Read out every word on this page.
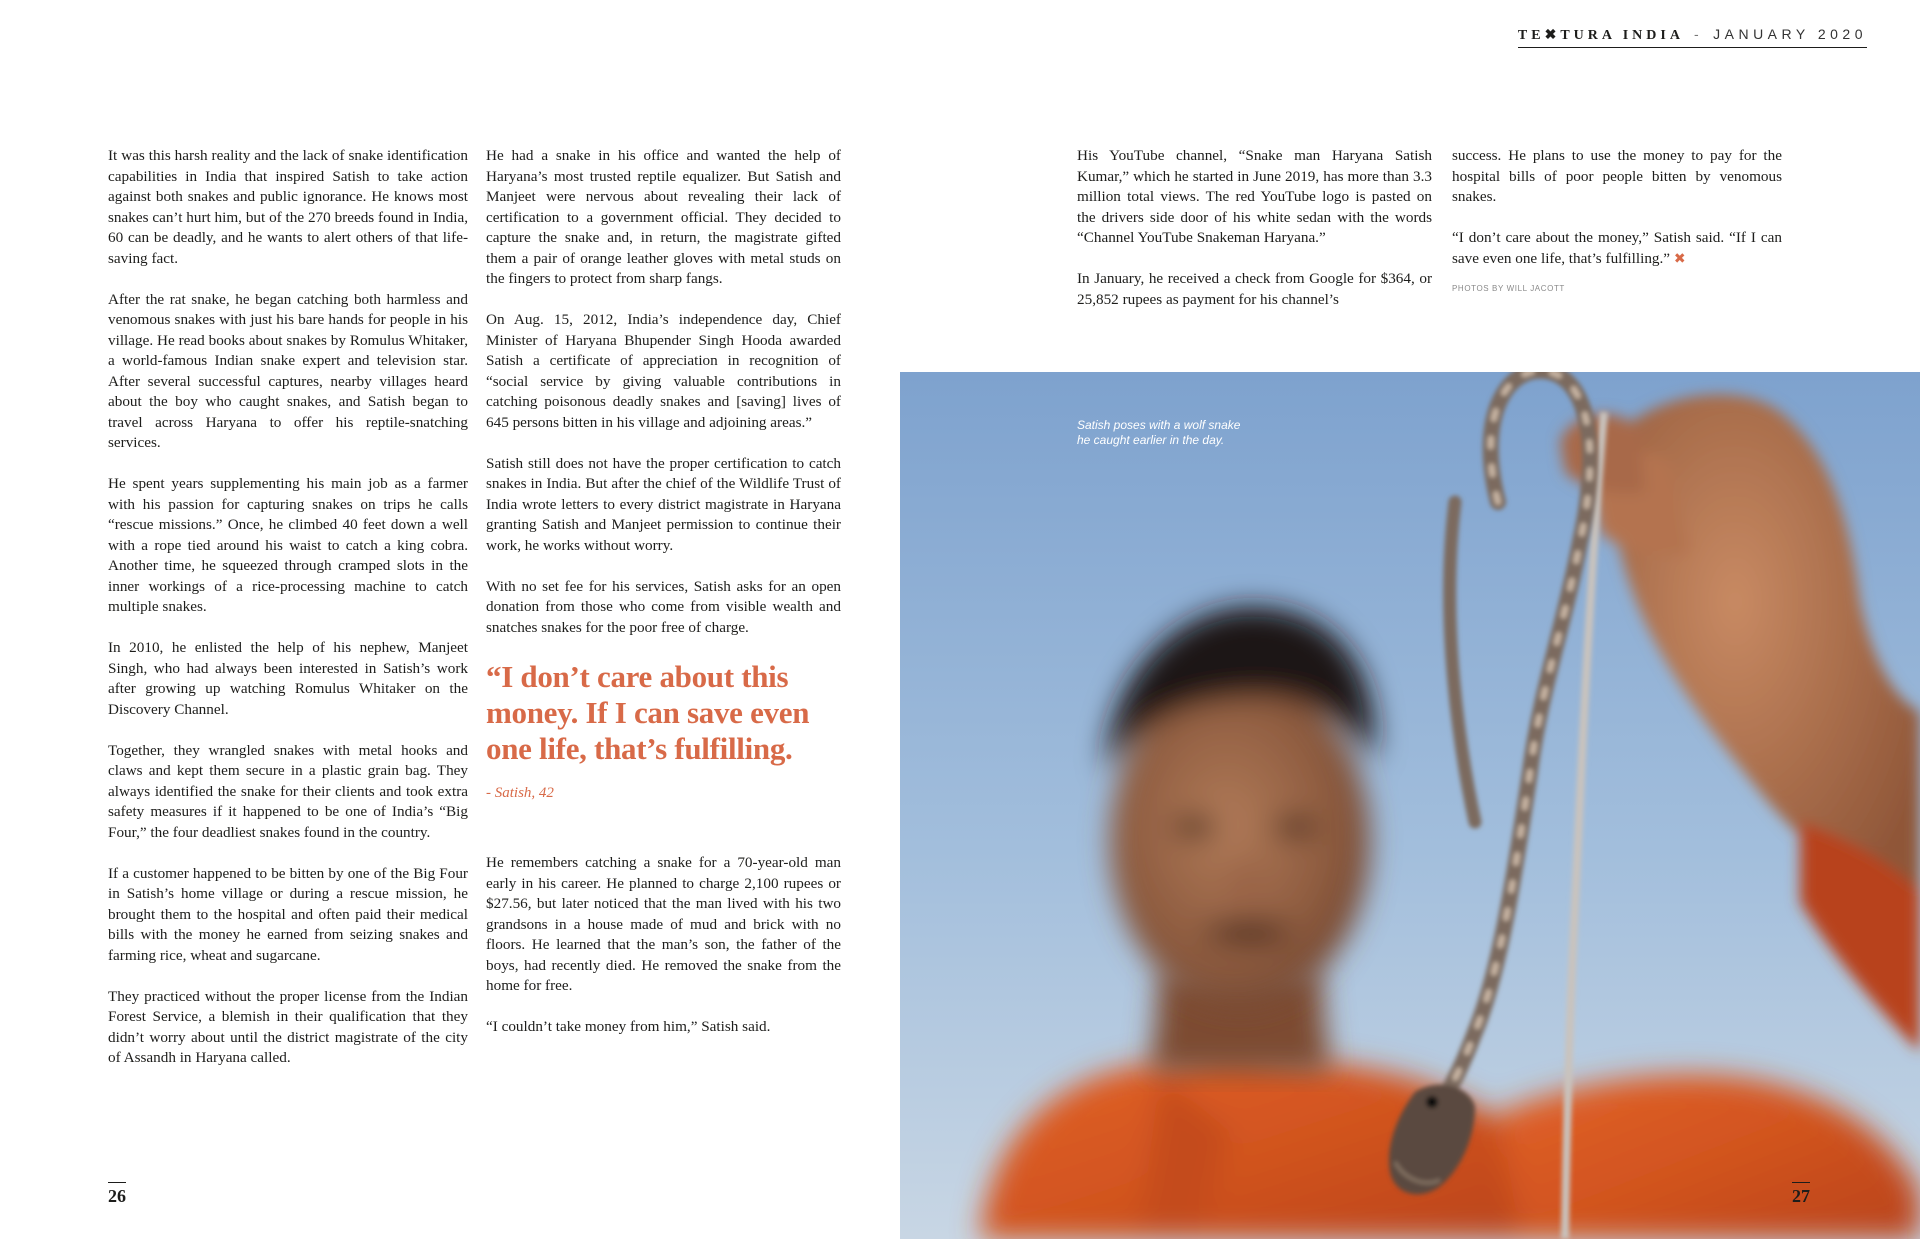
It was this harsh reality and the lack of snake identification capabilities in India that inspired Satish to take action against both snakes and public ignorance. He knows most snakes can’t hurt him, but of the 270 breeds found in India, 60 can be deadly, and he wants to alert others of that life-saving fact.

After the rat snake, he began catching both harmless and venomous snakes with just his bare hands for people in his village. He read books about snakes by Romulus Whitaker, a world-famous Indian snake expert and television star. After several successful captures, nearby villages heard about the boy who caught snakes, and Satish began to travel across Haryana to offer his reptile-snatching services.

He spent years supplementing his main job as a farmer with his passion for capturing snakes on trips he calls “rescue missions.” Once, he climbed 40 feet down a well with a rope tied around his waist to catch a king cobra. Another time, he squeezed through cramped slots in the inner workings of a rice-processing machine to catch multiple snakes.

In 2010, he enlisted the help of his nephew, Manjeet Singh, who had always been interested in Satish’s work after growing up watching Romulus Whitaker on the Discovery Channel.

Together, they wrangled snakes with metal hooks and claws and kept them secure in a plastic grain bag. They always identified the snake for their clients and took extra safety measures if it happened to be one of India’s “Big Four,” the four deadliest snakes found in the country.

If a customer happened to be bitten by one of the Big Four in Satish’s home village or during a rescue mission, he brought them to the hospital and often paid their medical bills with the money he earned from seizing snakes and farming rice, wheat and sugarcane.

They practiced without the proper license from the Indian Forest Service, a blemish in their qualification that they didn’t worry about until the district magistrate of the city of Assandh in Haryana called.

He had a snake in his office and wanted the help of Haryana’s most trusted reptile equalizer. But Satish and Manjeet were nervous about revealing their lack of certification to a government official. They decided to capture the snake and, in return, the magistrate gifted them a pair of orange leather gloves with metal studs on the fingers to protect from sharp fangs.

On Aug. 15, 2012, India’s independence day, Chief Minister of Haryana Bhupender Singh Hooda awarded Satish a certificate of appreciation in recognition of “social service by giving valuable contributions in catching poisonous deadly snakes and [saving] lives of 645 persons bitten in his village and adjoining areas.”

Satish still does not have the proper certification to catch snakes in India. But after the chief of the Wildlife Trust of India wrote letters to every district magistrate in Haryana granting Satish and Manjeet permission to continue their work, he works without worry.

With no set fee for his services, Satish asks for an open donation from those who come from visible wealth and snatches snakes for the poor free of charge.

“I don’t care about this money. If I can save even one life, that’s fulfilling.
- Satish, 42

He remembers catching a snake for a 70-year-old man early in his career. He planned to charge 2,100 rupees or $27.56, but later noticed that the man lived with his two grandsons in a house made of mud and brick with no floors. He learned that the man’s son, the father of the boys, had recently died. He removed the snake from the home for free.

“I couldn’t take money from him,” Satish said.

26
TE✖TURA INDIA - JANUARY 2020

His YouTube channel, “Snake man Haryana Satish Kumar,” which he started in June 2019, has more than 3.3 million total views. The red YouTube logo is pasted on the drivers side door of his white sedan with the words “Channel YouTube Snakeman Haryana.”

In January, he received a check from Google for $364, or 25,852 rupees as payment for his channel’s

success. He plans to use the money to pay for the hospital bills of poor people bitten by venomous snakes.

“I don’t care about the money,” Satish said. “If I can save even one life, that’s fulfilling.” ✖

PHOTOS BY WILL JACOTT
Satish poses with a wolf snake he caught earlier in the day.
27
